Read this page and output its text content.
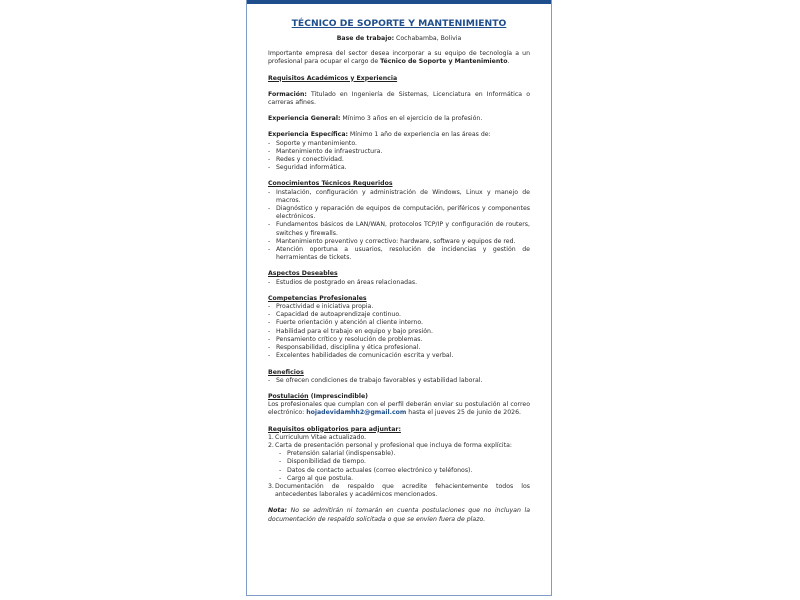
TÉCNICO DE SOPORTE Y MANTENIMIENTO

Base de trabajo: Cochabamba, Bolivia

Importante empresa del sector desea incorporar a su equipo de tecnología a un profesional para ocupar el cargo de Técnico de Soporte y Mantenimiento.

Requisitos Académicos y Experiencia

Formación: Titulado en Ingeniería de Sistemas, Licenciatura en Informática o carreras afines.

Experiencia General: Mínimo 3 años en el ejercicio de la profesión.

Experiencia Específica: Mínimo 1 año de experiencia en las áreas de:

- Soporte y mantenimiento.
- Mantenimiento de infraestructura.
- Redes y conectividad.
- Seguridad informática.

Conocimientos Técnicos Requeridos

- Instalación, configuración y administración de Windows, Linux y manejo de macros.
- Diagnóstico y reparación de equipos de computación, periféricos y componentes electrónicos.
- Fundamentos básicos de LAN/WAN, protocolos TCP/IP y configuración de routers, switches y firewalls.
- Mantenimiento preventivo y correctivo: hardware, software y equipos de red.
- Atención oportuna a usuarios, resolución de incidencias y gestión de herramientas de tickets.

Aspectos Deseables

- Estudios de postgrado en áreas relacionadas.

Competencias Profesionales

- Proactividad e iniciativa propia.
- Capacidad de autoaprendizaje continuo.
- Fuerte orientación y atención al cliente interno.
- Habilidad para el trabajo en equipo y bajo presión.
- Pensamiento crítico y resolución de problemas.
- Responsabilidad, disciplina y ética profesional.
- Excelentes habilidades de comunicación escrita y verbal.

Beneficios

- Se ofrecen condiciones de trabajo favorables y estabilidad laboral.

Postulación (Imprescindible)

Los profesionales que cumplan con el perfil deberán enviar su postulación al correo electrónico: hojadevidamhh2@gmail.com hasta el jueves 25 de junio de 2026.

Requisitos obligatorios para adjuntar:

1. Curriculum Vitae actualizado.
2. Carta de presentación personal y profesional que incluya de forma explícita:
- Pretensión salarial (indispensable).
- Disponibilidad de tiempo.
- Datos de contacto actuales (correo electrónico y teléfonos).
- Cargo al que postula.
3. Documentación de respaldo que acredite fehacientemente todos los antecedentes laborales y académicos mencionados.

Nota: No se admitirán ni tomarán en cuenta postulaciones que no incluyan la documentación de respaldo solicitada o que se envíen fuera de plazo.
